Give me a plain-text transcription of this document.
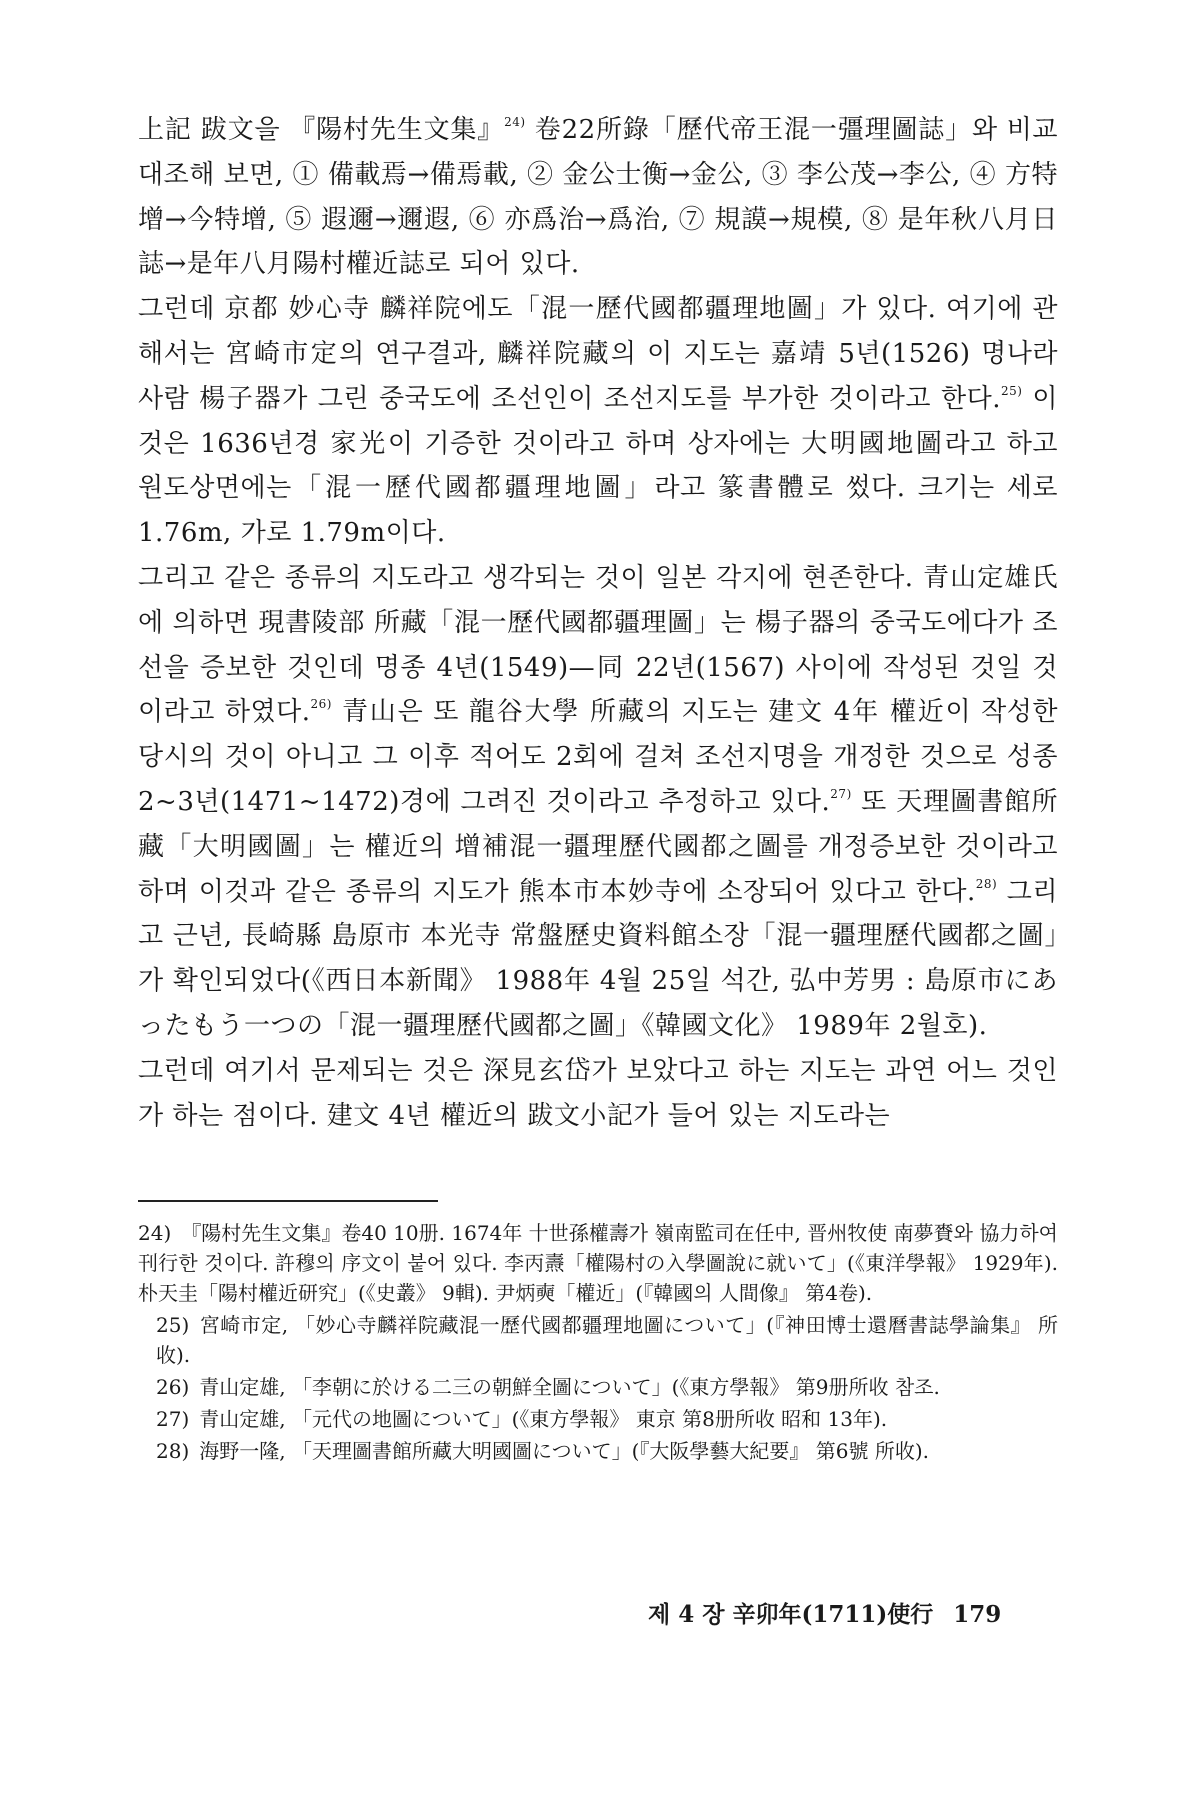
上記 跋文을 『陽村先生文集』$^{24)}$ 卷22所錄「歷代帝王混一彊理圖誌」와 비교 대조해 보면, ① 備載焉→備焉載, ② 金公士衡→金公, ③ 李公茂→李公, ④ 方特增→今特增, ⑤ 遐邇→邇遐, ⑥ 亦爲治→爲治, ⑦ 規謨→規模, ⑧ 是年秋八月日誌→是年八月陽村權近誌로 되어 있다.

그런데 京都 妙心寺 麟祥院에도「混一歷代國都疆理地圖」가 있다. 여기에 관해서는 宮崎市定의 연구결과, 麟祥院藏의 이 지도는 嘉靖 5년(1526) 명나라 사람 楊子器가 그린 중국도에 조선인이 조선지도를 부가한 것이라고 한다.$^{25)}$ 이것은 1636년경 家光이 기증한 것이라고 하며 상자에는 大明國地圖라고 하고 원도상면에는「混一歷代國都疆理地圖」라고 篆書體로 썼다. 크기는 세로 1.76m, 가로 1.79m이다.

그리고 같은 종류의 지도라고 생각되는 것이 일본 각지에 현존한다. 青山定雄氏에 의하면 現書陵部 所藏「混一歷代國都疆理圖」는 楊子器의 중국도에다가 조선을 증보한 것인데 명종 4년(1549)—同 22년(1567) 사이에 작성된 것일 것이라고 하였다.$^{26)}$ 青山은 또 龍谷大學 所藏의 지도는 建文 4年 權近이 작성한 당시의 것이 아니고 그 이후 적어도 2회에 걸쳐 조선지명을 개정한 것으로 성종 2~3년(1471~1472)경에 그려진 것이라고 추정하고 있다.$^{27)}$ 또 天理圖書館所藏「大明國圖」는 權近의 增補混一疆理歷代國都之圖를 개정증보한 것이라고 하며 이것과 같은 종류의 지도가 熊本市本妙寺에 소장되어 있다고 한다.$^{28)}$ 그리고 근년, 長崎縣 島原市 本光寺 常盤歷史資料館소장「混一疆理歷代國都之圖」가 확인되었다(《西日本新聞》 1988年 4월 25일 석간, 弘中芳男 : 島原市にあったもう一つの「混一疆理歷代國都之圖」《韓國文化》 1989年 2월호).

그런데 여기서 문제되는 것은 深見玄岱가 보았다고 하는 지도는 과연 어느 것인가 하는 점이다. 建文 4년 權近의 跋文小記가 들어 있는 지도라는

24) 『陽村先生文集』卷40 10册. 1674年 十世孫權壽가 嶺南監司在任中, 晋州牧使 南夢賚와 協力하여 刊行한 것이다. 許穆의 序文이 붙어 있다. 李丙燾「權陽村の入學圖說に就いて」(《東洋學報》 1929年). 朴天圭「陽村權近研究」(《史叢》 9輯). 尹炳奭「權近」(『韓國의 人間像』 第4卷).
25) 宮崎市定, 「妙心寺麟祥院藏混一歷代國都疆理地圖について」(『神田博士還曆書誌學論集』 所收).
26) 青山定雄, 「李朝に於ける二三の朝鮮全圖について」(《東方學報》 第9册所收 참조.
27) 青山定雄, 「元代の地圖について」(《東方學報》 東京 第8册所收 昭和 13年).
28) 海野一隆, 「天理圖書館所藏大明國圖について」(『大阪學藝大紀要』 第6號 所收).
제 4 장 辛卯年(1711)使行 179
